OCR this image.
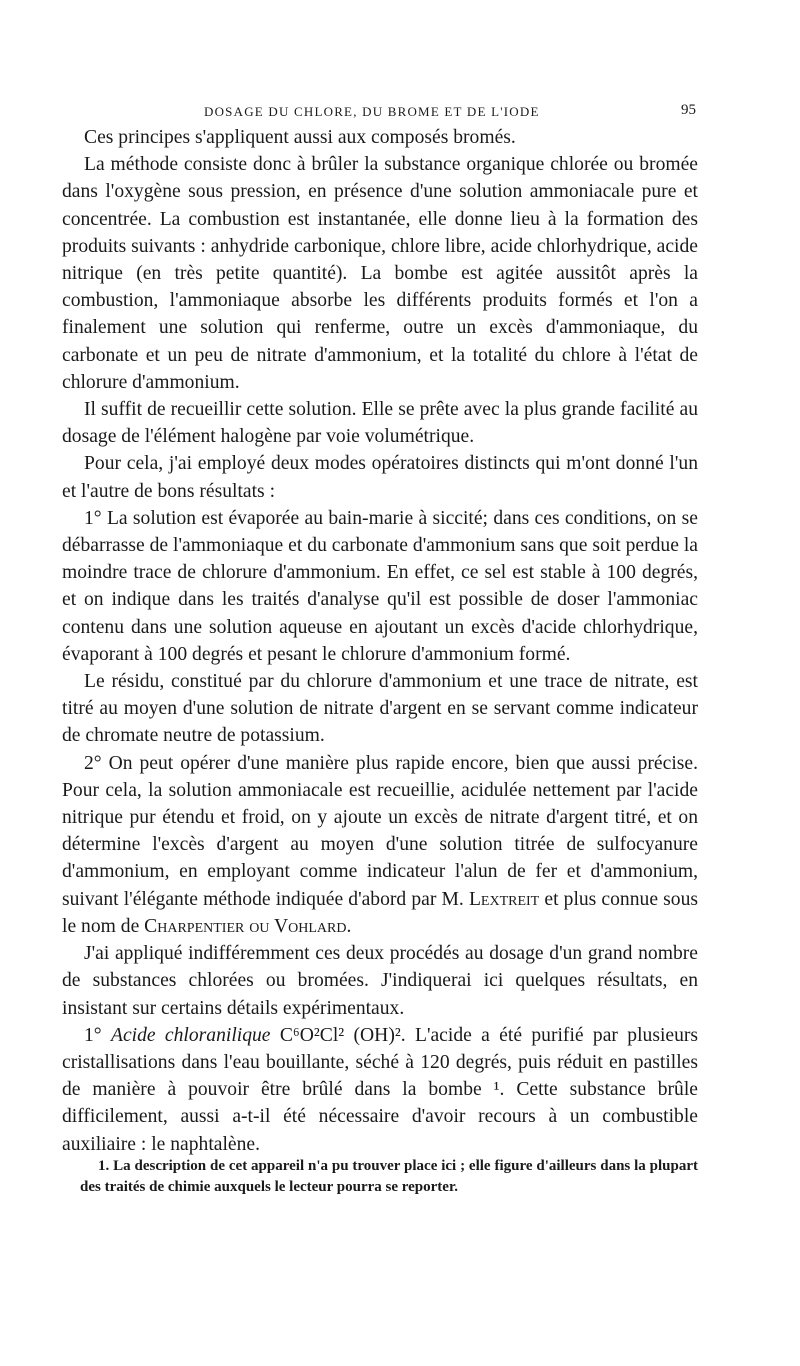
DOSAGE DU CHLORE, DU BROME ET DE L'IODE	95

Ces principes s'appliquent aussi aux composés bromés.

La méthode consiste donc à brûler la substance organique chlorée ou bromée dans l'oxygène sous pression, en présence d'une solution ammoniacale pure et concentrée. La combustion est instantanée, elle donne lieu à la formation des produits suivants : anhydride carbonique, chlore libre, acide chlorhydrique, acide nitrique (en très petite quantité). La bombe est agitée aussitôt après la combustion, l'ammoniaque absorbe les différents produits formés et l'on a finalement une solution qui renferme, outre un excès d'ammoniaque, du carbonate et un peu de nitrate d'ammonium, et la totalité du chlore à l'état de chlorure d'ammonium.

Il suffit de recueillir cette solution. Elle se prête avec la plus grande facilité au dosage de l'élément halogène par voie volumétrique.

Pour cela, j'ai employé deux modes opératoires distincts qui m'ont donné l'un et l'autre de bons résultats :

1° La solution est évaporée au bain-marie à siccité; dans ces conditions, on se débarrasse de l'ammoniaque et du carbonate d'ammonium sans que soit perdue la moindre trace de chlorure d'ammonium. En effet, ce sel est stable à 100 degrés, et on indique dans les traités d'analyse qu'il est possible de doser l'ammoniac contenu dans une solution aqueuse en ajoutant un excès d'acide chlorhydrique, évaporant à 100 degrés et pesant le chlorure d'ammonium formé.

Le résidu, constitué par du chlorure d'ammonium et une trace de nitrate, est titré au moyen d'une solution de nitrate d'argent en se servant comme indicateur de chromate neutre de potassium.

2° On peut opérer d'une manière plus rapide encore, bien que aussi précise. Pour cela, la solution ammoniacale est recueillie, acidulée nettement par l'acide nitrique pur étendu et froid, on y ajoute un excès de nitrate d'argent titré, et on détermine l'excès d'argent au moyen d'une solution titrée de sulfocyanure d'ammonium, en employant comme indicateur l'alun de fer et d'ammonium, suivant l'élégante méthode indiquée d'abord par M. Lextreit et plus connue sous le nom de Charpentier ou Vohlard.

J'ai appliqué indifféremment ces deux procédés au dosage d'un grand nombre de substances chlorées ou bromées. J'indiquerai ici quelques résultats, en insistant sur certains détails expérimentaux.

1° Acide chloranilique C⁶O²Cl² (OH)². L'acide a été purifié par plusieurs cristallisations dans l'eau bouillante, séché à 120 degrés, puis réduit en pastilles de manière à pouvoir être brûlé dans la bombe ¹. Cette substance brûle difficilement, aussi a-t-il été nécessaire d'avoir recours à un combustible auxiliaire : le naphtalène.

1. La description de cet appareil n'a pu trouver place ici ; elle figure d'ailleurs dans la plupart des traités de chimie auxquels le lecteur pourra se reporter.
